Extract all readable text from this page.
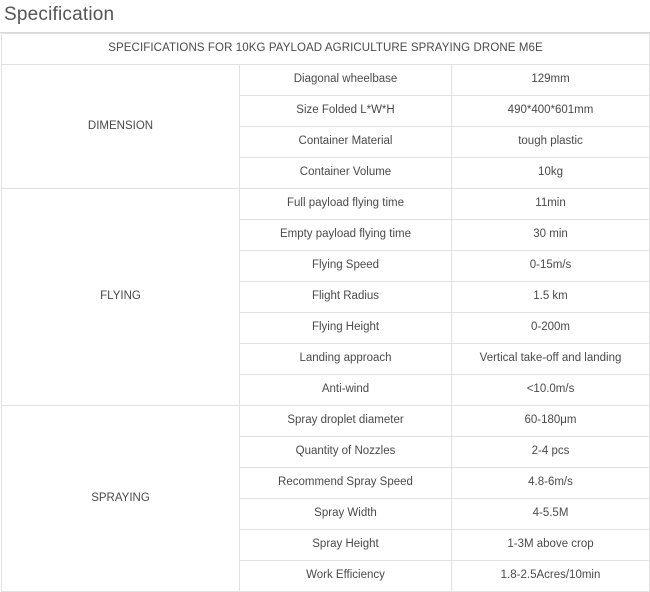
Specification
SPECIFICATIONS FOR 10KG PAYLOAD AGRICULTURE SPRAYING DRONE M6E		
DIMENSION	Diagonal wheelbase	129mm
	Size Folded L*W*H	490*400*601mm
	Container Material	tough plastic
	Container Volume	10kg
FLYING	Full payload flying time	11min
	Empty payload flying time	30 min
	Flying Speed	0-15m/s
	Flight Radius	1.5 km
	Flying Height	0-200m
	Landing approach	Vertical take-off and landing
	Anti-wind	<10.0m/s
SPRAYING	Spray droplet diameter	60-180μm
	Quantity of Nozzles	2-4 pcs
	Recommend Spray Speed	4.8-6m/s
	Spray Width	4-5.5M
	Spray Height	1-3M above crop
	Work Efficiency	1.8-2.5Acres/10min
